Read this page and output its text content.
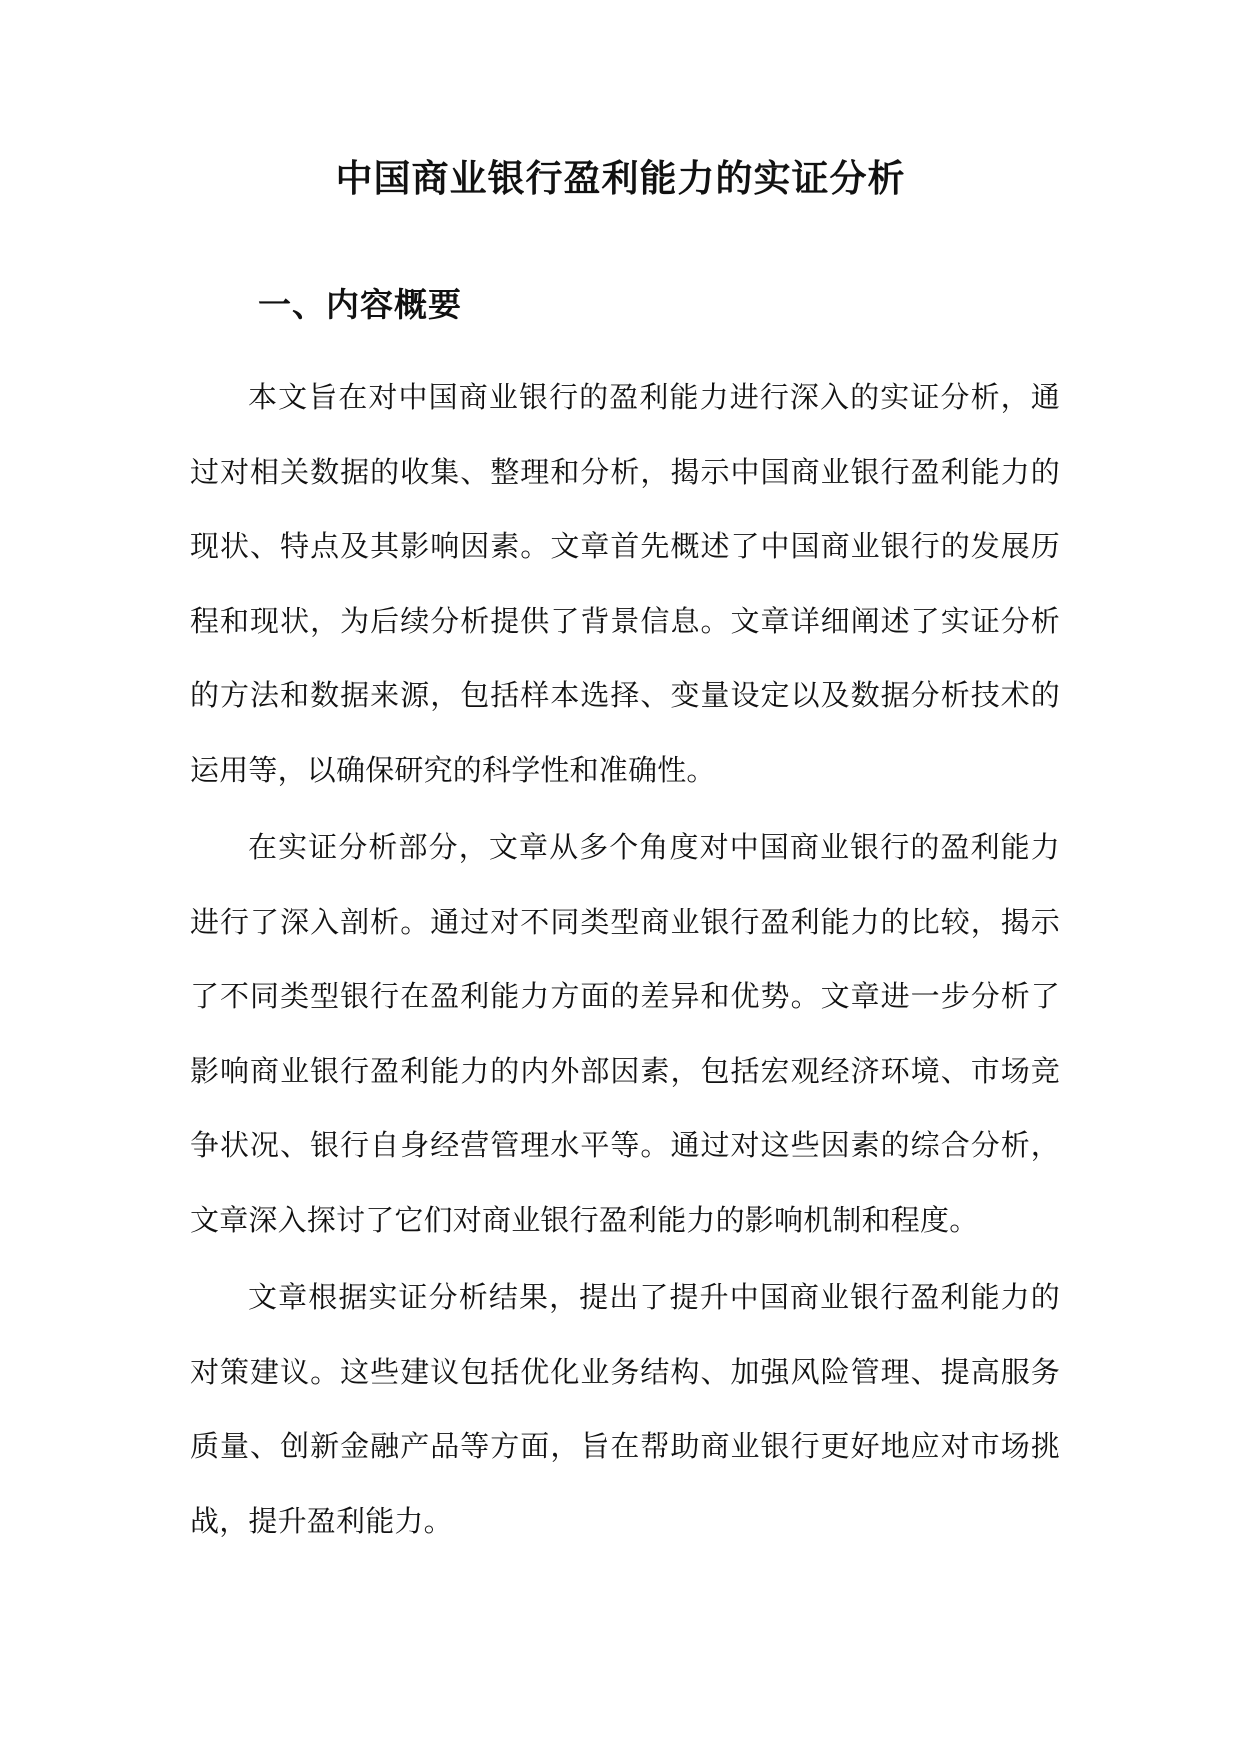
中国商业银行盈利能力的实证分析
一、内容概要

本文旨在对中国商业银行的盈利能力进行深入的实证分析，通过对相关数据的收集、整理和分析，揭示中国商业银行盈利能力的现状、特点及其影响因素。文章首先概述了中国商业银行的发展历程和现状，为后续分析提供了背景信息。文章详细阐述了实证分析的方法和数据来源，包括样本选择、变量设定以及数据分析技术的运用等，以确保研究的科学性和准确性。

在实证分析部分，文章从多个角度对中国商业银行的盈利能力进行了深入剖析。通过对不同类型商业银行盈利能力的比较，揭示了不同类型银行在盈利能力方面的差异和优势。文章进一步分析了影响商业银行盈利能力的内外部因素，包括宏观经济环境、市场竞争状况、银行自身经营管理水平等。通过对这些因素的综合分析，文章深入探讨了它们对商业银行盈利能力的影响机制和程度。

文章根据实证分析结果，提出了提升中国商业银行盈利能力的对策建议。这些建议包括优化业务结构、加强风险管理、提高服务质量、创新金融产品等方面，旨在帮助商业银行更好地应对市场挑战，提升盈利能力。
